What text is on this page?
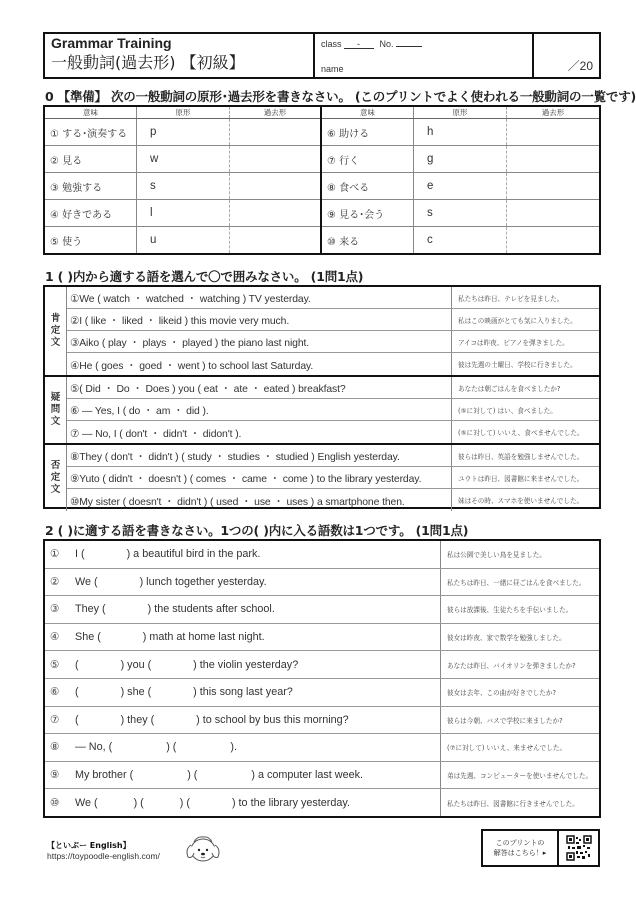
Grammar Training
一般動詞(過去形) 【初級】
class	-	No.
name	／20
0 【準備】 次の一般動詞の原形･過去形を書きなさい。 (このプリントでよく使われる一般動詞の一覧です)
意味	原形	過去形
① する･演奏する	p
② 見る	w
③ 勉強する	s
④ 好きである	l
⑤ 使う	u
意味	原形	過去形
⑥ 助ける	h
⑦ 行く	g
⑧ 食べる	e
⑨ 見る･会う	s
⑩ 来る	c
1 ( )内から適する語を選んで〇で囲みなさい。 (1問1点)
肯
定
文
①We ( watch ・ watched ・ watching ) TV yesterday.	私たちは昨日、テレビを見ました。
②I ( like ・ liked ・ likeid ) this movie very much.	私はこの映画がとても気に入りました。
③Aiko ( play ・ plays ・ played ) the piano last night.	アイコは昨夜、ピアノを弾きました。
④He ( goes ・ goed ・ went ) to school last Saturday.	彼は先週の土曜日、学校に行きました。
疑
問
文
⑤( Did ・ Do ・ Does ) you ( eat ・ ate ・ eated ) breakfast?	あなたは朝ごはんを食べましたか?
⑥ — Yes, I ( do ・ am ・ did ).	(⑤に対して) はい、食べました。
⑦ — No, I ( don't ・ didn't ・ didon't ).	(⑤に対して) いいえ、食べませんでした。
否
定
文
⑧They ( don't ・ didn't ) ( study ・ studies ・ studied ) English yesterday.	彼らは昨日、英語を勉強しませんでした。
⑨Yuto ( didn't ・ doesn't ) ( comes ・ came ・ come ) to the library yesterday.	ユウトは昨日、図書館に来ませんでした。
⑩My sister ( doesn't ・ didn't ) ( used ・ use ・ uses ) a smartphone then.	妹はその時、スマホを使いませんでした。
2 ( )に適する語を書きなさい。1つの( )内に入る語数は1つです。 (1問1点)
①	I (              ) a beautiful bird in the park.	私は公園で美しい鳥を見ました。
②	We (              ) lunch together yesterday.	私たちは昨日、一緒に昼ごはんを食べました。
③	They (              ) the students after school.	彼らは放課後、生徒たちを手伝いました。
④	She (              ) math at home last night.	彼女は昨夜、家で数学を勉強しました。
⑤	(              ) you (              ) the violin yesterday?	あなたは昨日、バイオリンを弾きましたか?
⑥	(              ) she (              ) this song last year?	彼女は去年、この曲が好きでしたか?
⑦	(              ) they (              ) to school by bus this morning?	彼らは今朝、バスで学校に来ましたか?
⑧	— No, (                  ) (                  ).	(⑦に対して) いいえ、来ませんでした。
⑨	My brother (                  ) (                  ) a computer last week.	弟は先週、コンピューターを使いませんでした。
⑩	We (            ) (            ) (              ) to the library yesterday.	私たちは昨日、図書館に行きませんでした。
【といぷー English】
https://toypoodle-english.com/
このプリントの
解答はこちら！▸
